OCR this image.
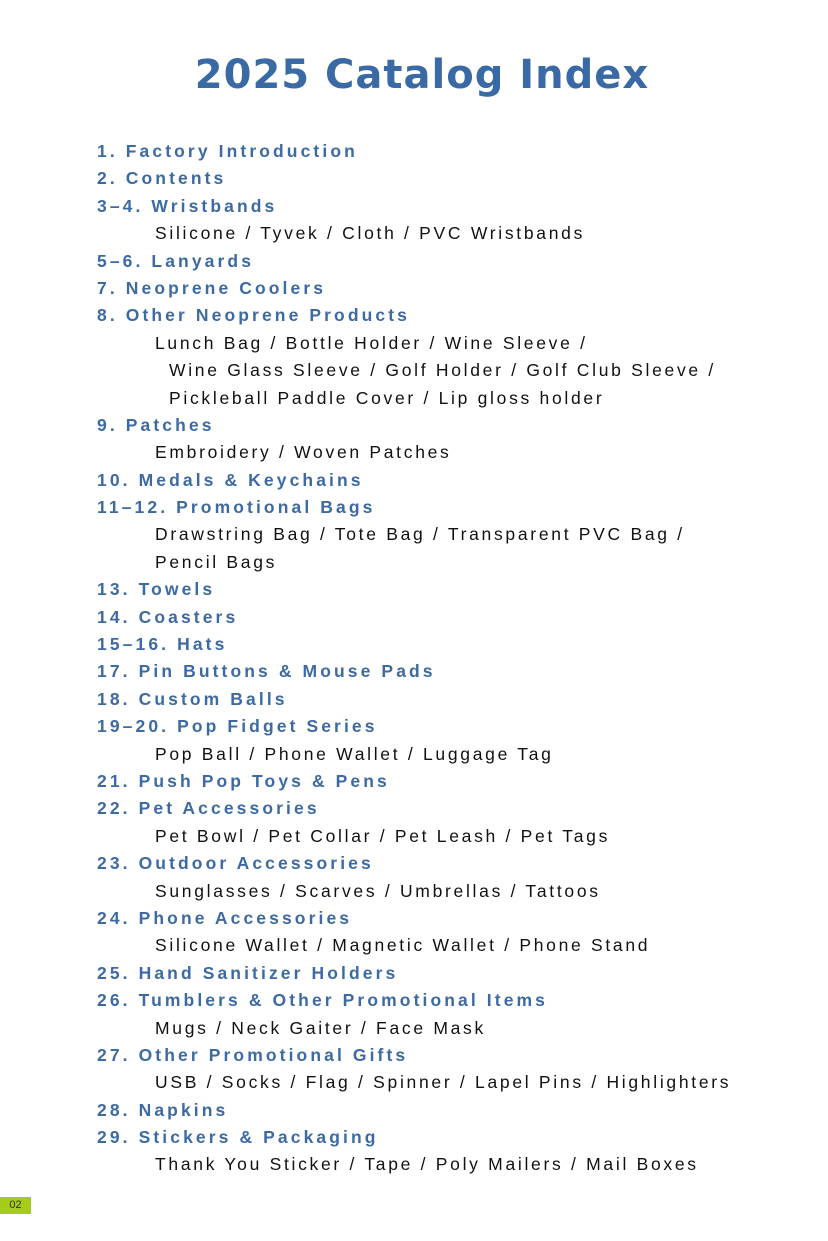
2025 Catalog Index
1. Factory Introduction
2. Contents
3–4. Wristbands
Silicone / Tyvek / Cloth / PVC Wristbands
5–6. Lanyards
7. Neoprene Coolers
8. Other Neoprene Products
Lunch Bag / Bottle Holder / Wine Sleeve /
Wine Glass Sleeve / Golf Holder / Golf Club Sleeve /
Pickleball Paddle Cover / Lip gloss holder
9. Patches
Embroidery / Woven Patches
10. Medals & Keychains
11–12. Promotional Bags
Drawstring Bag / Tote Bag / Transparent PVC Bag /
Pencil Bags
13. Towels
14. Coasters
15–16. Hats
17. Pin Buttons & Mouse Pads
18. Custom Balls
19–20. Pop Fidget Series
Pop Ball / Phone Wallet / Luggage Tag
21. Push Pop Toys & Pens
22. Pet Accessories
Pet Bowl / Pet Collar / Pet Leash / Pet Tags
23. Outdoor Accessories
Sunglasses / Scarves / Umbrellas / Tattoos
24. Phone Accessories
Silicone Wallet / Magnetic Wallet / Phone Stand
25. Hand Sanitizer Holders
26. Tumblers & Other Promotional Items
Mugs / Neck Gaiter / Face Mask
27. Other Promotional Gifts
USB / Socks / Flag / Spinner / Lapel Pins / Highlighters
28. Napkins
29. Stickers & Packaging
Thank You Sticker / Tape / Poly Mailers / Mail Boxes
02
